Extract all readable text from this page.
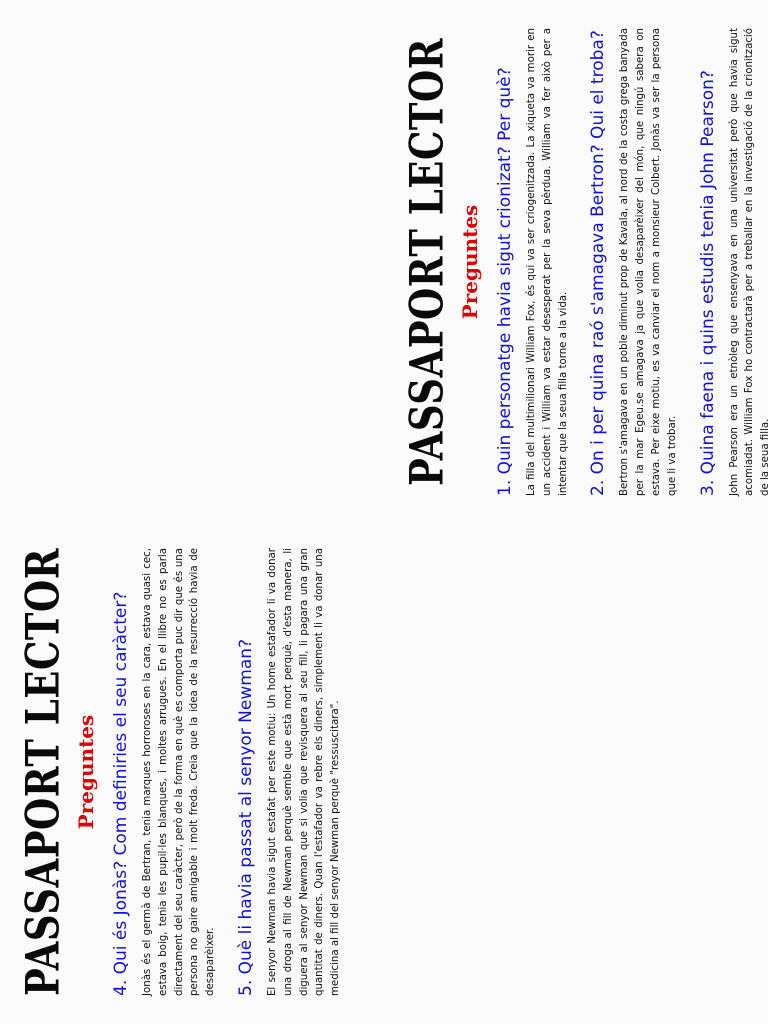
PASSAPORT LECTOR Preguntes 1. Quin personatge havia sigut crionizat? Per què? La filla del multimilionari William Fox, és qui va ser criogenitzada. La xiqueta va morir en un accident i William va estar desesperat per la seva pèrdua. William va fer això per a intentar que la seua filla torne a la vida. 2. On i per quina raó s'amagava Bertron? Qui el troba? Bertron s'amagava en un poble diminut prop de Kavala, al nord de la costa grega banyada per la mar Egeu.se amagava ja que volia desaparèixer del món, que ningú sabera on estava. Per eixe motiu, es va canviar el nom a monsieur Colbert. Jonàs va ser la persona que li va trobar. 3. Quina faena i quins estudis tenia John Pearson? John Pearson era un etnòleg que ensenyava en una universitat però que havia sigut acomiadat. William Fox ho contractarà per a treballar en la investigació de la crionització de la seua filla.
PASSAPORT LECTOR Preguntes 4. Qui és Jonàs? Com definiries el seu caràcter? Jonàs és el germà de Bertran, tenia marques horroroses en la cara, estava quasi cec, estava boig, tenia les pupil·les blanques, i moltes arrugues. En el llibre no es parla directament del seu caràcter, però de la forma en què es comporta puc dir que és una persona no gaire amigable i molt freda. Creia que la idea de la resurrecció havia de desaparèixer. 5. Què li havia passat al senyor Newman? El senyor Newman havia sigut estafat per este motiu: Un home estafador li va donar una droga al fill de Newman perquè semble que està mort perquè, d'esta manera, li diguera al senyor Newman que si volia que revisquera al seu fill, li pagara una gran quantitat de diners. Quan l'estafador va rebre els diners, simplement li va donar una medicina al fill del senyor Newman perquè "ressuscitara".
